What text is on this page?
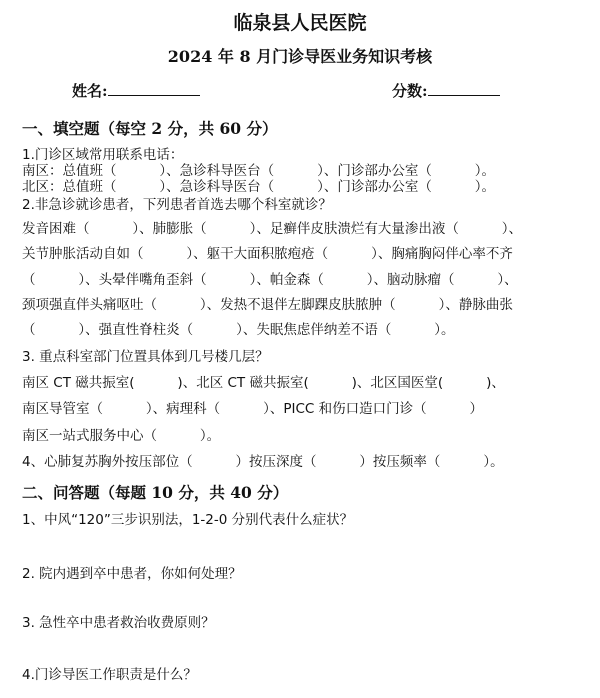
临泉县人民医院
2024 年 8 月门诊导医业务知识考核
姓名:	分数:
一、填空题（每空 2 分，共 60 分）
1.门诊区域常用联系电话：
南区：总值班（          ）、急诊科导医台（          ）、门诊部办公室（          ）。
北区：总值班（          ）、急诊科导医台（          ）、门诊部办公室（          ）。
2.非急诊就诊患者，下列患者首选去哪个科室就诊？
发音困难（          ）、肺膨胀（          ）、足癣伴皮肤溃烂有大量渗出液（          ）、
关节肿胀活动自如（          ）、躯干大面积脓疱疮（          ）、胸痛胸闷伴心率不齐
（          ）、头晕伴嘴角歪斜（          ）、帕金森（          ）、脑动脉瘤（          ）、
颈项强直伴头痛呕吐（          ）、发热不退伴左脚踝皮肤脓肿（          ）、静脉曲张
（          ）、强直性脊柱炎（          ）、失眠焦虑伴纳差不语（          ）。
3. 重点科室部门位置具体到几号楼几层？
南区 CT 磁共振室(          )、北区 CT 磁共振室(          )、北区国医堂(          )、
南区导管室（          ）、病理科（          ）、PICC 和伤口造口门诊（          ）
南区一站式服务中心（          ）。
4、心肺复苏胸外按压部位（          ）按压深度（          ）按压频率（          ）。
二、问答题（每题 10 分，共 40 分）
1、中风“120”三步识别法，1-2-0 分别代表什么症状？
2. 院内遇到卒中患者，你如何处理？
3. 急性卒中患者救治收费原则？
4.门诊导医工作职责是什么？
